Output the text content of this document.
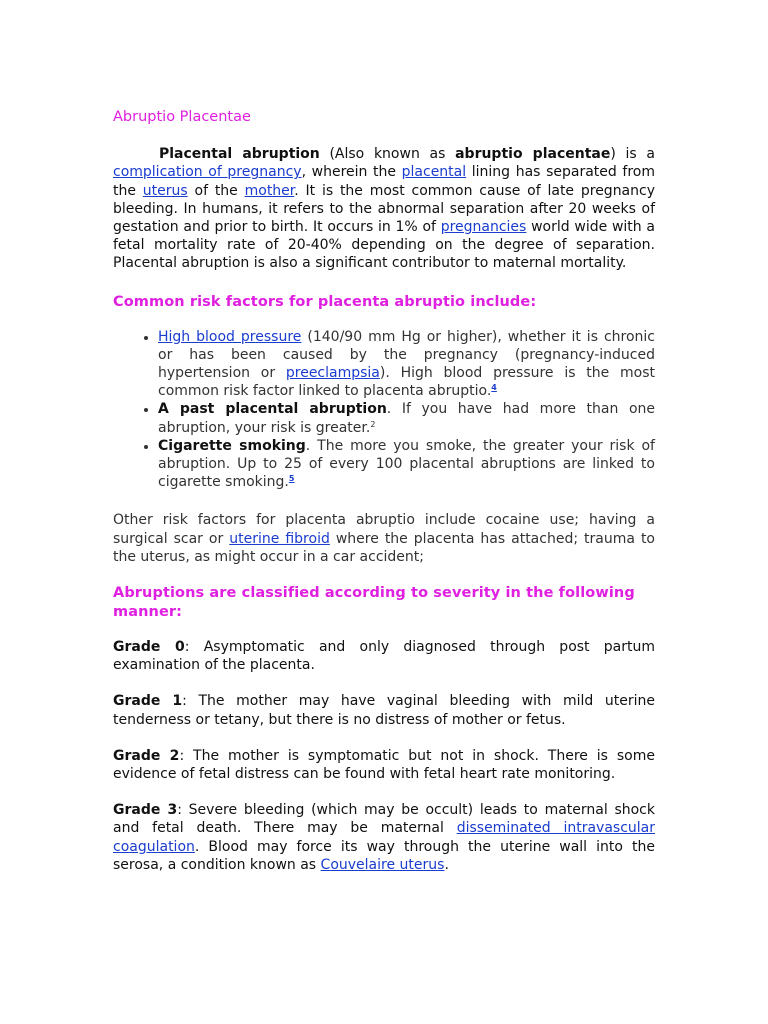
Abruptio Placentae

Placental abruption (Also known as abruptio placentae) is a complication of pregnancy, wherein the placental lining has separated from the uterus of the mother. It is the most common cause of late pregnancy bleeding. In humans, it refers to the abnormal separation after 20 weeks of gestation and prior to birth. It occurs in 1% of pregnancies world wide with a fetal mortality rate of 20-40% depending on the degree of separation. Placental abruption is also a significant contributor to maternal mortality.

Common risk factors for placenta abruptio include:
• High blood pressure (140/90 mm Hg or higher), whether it is chronic or has been caused by the pregnancy (pregnancy-induced hypertension or preeclampsia). High blood pressure is the most common risk factor linked to placenta abruptio.$^4$
• A past placental abruption. If you have had more than one abruption, your risk is greater.$^2$
• Cigarette smoking. The more you smoke, the greater your risk of abruption. Up to 25 of every 100 placental abruptions are linked to cigarette smoking.$^5$

Other risk factors for placenta abruptio include cocaine use; having a surgical scar or uterine fibroid where the placenta has attached; trauma to the uterus, as might occur in a car accident;

Abruptions are classified according to severity in the following manner:

Grade 0: Asymptomatic and only diagnosed through post partum examination of the placenta.

Grade 1: The mother may have vaginal bleeding with mild uterine tenderness or tetany, but there is no distress of mother or fetus.

Grade 2: The mother is symptomatic but not in shock. There is some evidence of fetal distress can be found with fetal heart rate monitoring.

Grade 3: Severe bleeding (which may be occult) leads to maternal shock and fetal death. There may be maternal disseminated intravascular coagulation. Blood may force its way through the uterine wall into the serosa, a condition known as Couvelaire uterus.
